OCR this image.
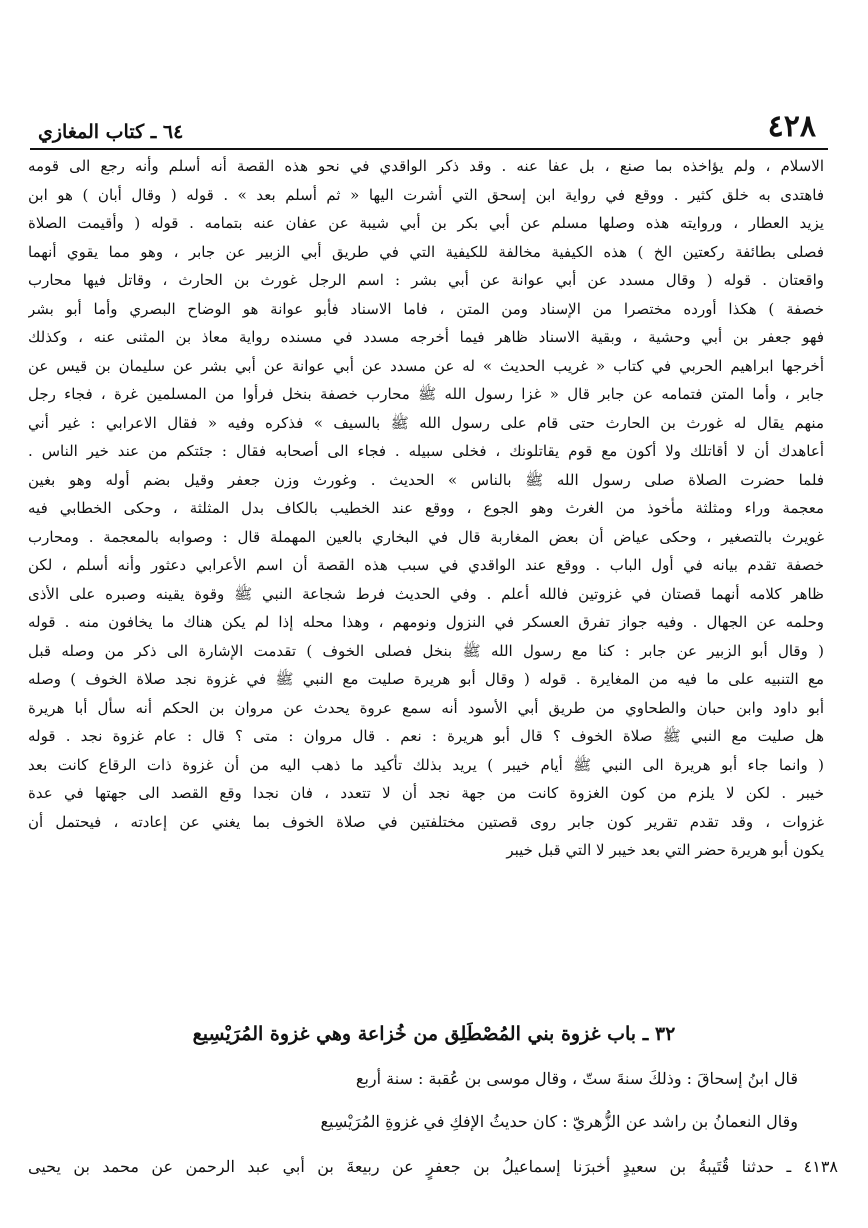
٤٢٨
٦٤ ـ كتاب المغازي
الاسلام ، ولم يؤاخذه بما صنع ، بل عفا عنه . وقد ذكر الواقدي في نحو هذه القصة أنه أسلم وأنه رجع الى قومه
فاهتدى به خلق كثير . ووقع في رواية ابن إسحق التي أشرت اليها « ثم أسلم بعد » . قوله ( وقال أبان ) هو ابن
يزيد العطار ، وروايته هذه وصلها مسلم عن أبي بكر بن أبي شيبة عن عفان عنه بتمامه . قوله ( وأقيمت الصلاة
فصلى بطائفة ركعتين الخ ) هذه الكيفية مخالفة للكيفية التي في طريق أبي الزبير عن جابر ، وهو مما يقوي أنهما
واقعتان . قوله ( وقال مسدد عن أبي عوانة عن أبي بشر : اسم الرجل غورث بن الحارث ، وقاتل فيها محارب
خصفة ) هكذا أورده مختصرا من الإسناد ومن المتن ، فاما الاسناد فأبو عوانة هو الوضاح البصري وأما أبو بشر
فهو جعفر بن أبي وحشية ، وبقية الاسناد ظاهر فيما أخرجه مسدد في مسنده رواية معاذ بن المثنى عنه ، وكذلك
أخرجها ابراهيم الحربي في كتاب « غريب الحديث » له عن مسدد عن أبي عوانة عن أبي بشر عن سليمان بن قيس عن
جابر ، وأما المتن فتمامه عن جابر قال « غزا رسول الله ﷺ محارب خصفة بنخل فرأوا من المسلمين غرة ، فجاء رجل
منهم يقال له غورث بن الحارث حتى قام على رسول الله ﷺ بالسيف » فذكره وفيه « فقال الاعرابي : غير أني
أعاهدك أن لا أقاتلك ولا أكون مع قوم يقاتلونك ، فخلى سبيله . فجاء الى أصحابه فقال : جئتكم من عند خير الناس .
فلما حضرت الصلاة صلى رسول الله ﷺ بالناس » الحديث . وغورث وزن جعفر وقيل بضم أوله وهو بغين
معجمة وراء ومثلثة مأخوذ من الغرث وهو الجوع ، ووقع عند الخطيب بالكاف بدل المثلثة ، وحكى الخطابي فيه
غويرث بالتصغير ، وحكى عياض أن بعض المغاربة قال في البخاري بالعين المهملة قال : وصوابه بالمعجمة . ومحارب
خصفة تقدم بيانه في أول الباب . ووقع عند الواقدي في سبب هذه القصة أن اسم الأعرابي دعثور وأنه أسلم ، لكن
ظاهر كلامه أنهما قصتان في غزوتين فالله أعلم . وفي الحديث فرط شجاعة النبي ﷺ وقوة يقينه وصبره على الأذى
وحلمه عن الجهال . وفيه جواز تفرق العسكر في النزول ونومهم ، وهذا محله إذا لم يكن هناك ما يخافون منه . قوله
( وقال أبو الزبير عن جابر : كنا مع رسول الله ﷺ بنخل فصلى الخوف ) تقدمت الإشارة الى ذكر من وصله قبل
مع التنبيه على ما فيه من المغايرة . قوله ( وقال أبو هريرة صليت مع النبي ﷺ في غزوة نجد صلاة الخوف ) وصله
أبو داود وابن حبان والطحاوي من طريق أبي الأسود أنه سمع عروة يحدث عن مروان بن الحكم أنه سأل أبا هريرة
هل صليت مع النبي ﷺ صلاة الخوف ؟ قال أبو هريرة : نعم . قال مروان : متى ؟ قال : عام غزوة نجد . قوله
( وانما جاء أبو هريرة الى النبي ﷺ أيام خيبر ) يريد بذلك تأكيد ما ذهب اليه من أن غزوة ذات الرقاع كانت بعد
خيبر . لكن لا يلزم من كون الغزوة كانت من جهة نجد أن لا تتعدد ، فان نجدا وقع القصد الى جهتها في عدة
غزوات ، وقد تقدم تقرير كون جابر روى قصتين مختلفتين في صلاة الخوف بما يغني عن إعادته ، فيحتمل أن
يكون أبو هريرة حضر التي بعد خيبر لا التي قبل خيبر
٣٢ ـ باب غزوة بني المُصْطَلِق من خُزاعة وهي غزوة المُرَيْسِيع
قال ابنُ إسحاقَ : وذلكَ سنةَ ستّ ، وقال موسى بن عُقبة : سنة أربع
وقال النعمانُ بن راشد عن الزُّهريّ : كان حديثُ الإفكِ في غزوةِ المُرَيْسِيع
٤١٣٨ ـ حدثنا قُتَيبةُ بن سعيدٍ أخبرَنا إسماعيلُ بن جعفرٍ عن ربيعةَ بن أبي عبد الرحمن عن محمد بن يحيى
